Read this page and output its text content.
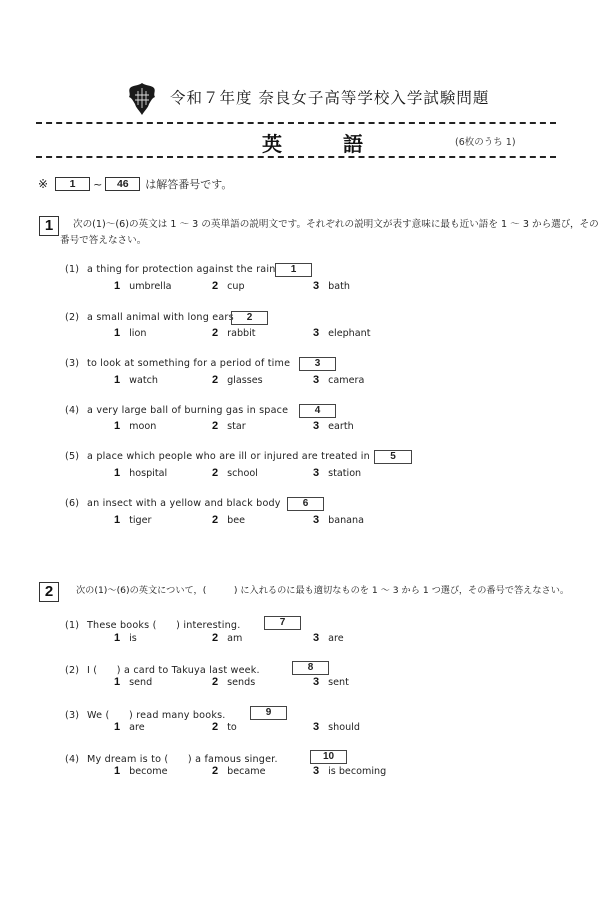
令和７年度 奈良女子高等学校入学試験問題
英	語	(6枚のうち 1)
※	1	~	46	は解答番号です。
1	次の(1)～(6)の英文は 1 ～ 3 の英単語の説明文です。それぞれの説明文が表す意味に最も近い語を 1 ～ 3 から選び，その
番号で答えなさい。
(1) a thing for protection against the rain	1
1 umbrella	2 cup	3 bath
(2) a small animal with long ears	2
1 lion	2 rabbit	3 elephant
(3) to look at something for a period of time	3
1 watch	2 glasses	3 camera
(4) a very large ball of burning gas in space	4
1 moon	2 star	3 earth
(5) a place which people who are ill or injured are treated in	5
1 hospital	2 school	3 station
(6) an insect with a yellow and black body	6
1 tiger	2 bee	3 banana
2	次の(1)～(6)の英文について，(　　　) に入れるのに最も適切なものを 1 ～ 3 から 1 つ選び，その番号で答えなさい。
(1) These books (　　) interesting.	7
1 is	2 am	3 are
(2) I (　　) a card to Takuya last week.	8
1 send	2 sends	3 sent
(3) We (　　) read many books.	9
1 are	2 to	3 should
(4) My dream is to (　　) a famous singer.	10
1 become	2 became	3 is becoming
